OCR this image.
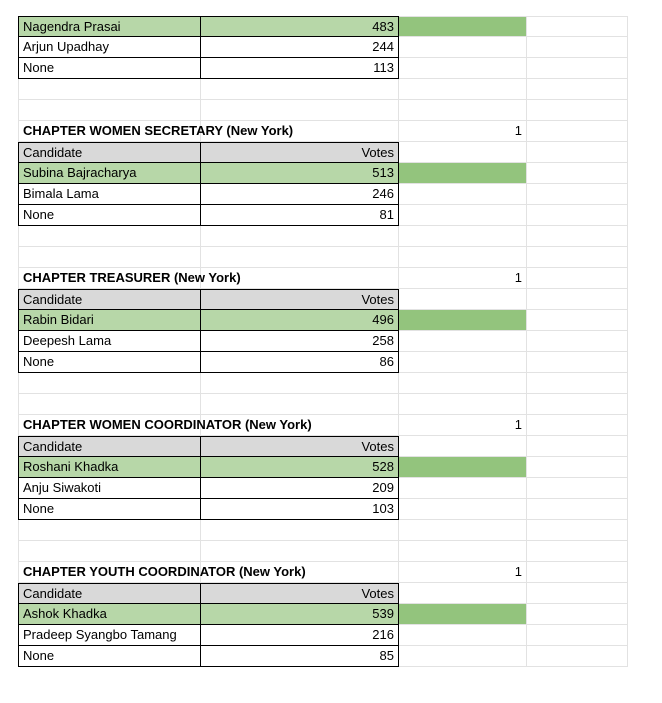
Nagendra Prasai	483
Arjun Upadhay	244
None	113
CHAPTER WOMEN SECRETARY (New York)	1
Candidate	Votes
Subina Bajracharya	513
Bimala Lama	246
None	81
CHAPTER TREASURER (New York)	1
Candidate	Votes
Rabin Bidari	496
Deepesh Lama	258
None	86
CHAPTER WOMEN COORDINATOR (New York)	1
Candidate	Votes
Roshani Khadka	528
Anju Siwakoti	209
None	103
CHAPTER YOUTH COORDINATOR (New York)	1
Candidate	Votes
Ashok Khadka	539
Pradeep Syangbo Tamang	216
None	85
